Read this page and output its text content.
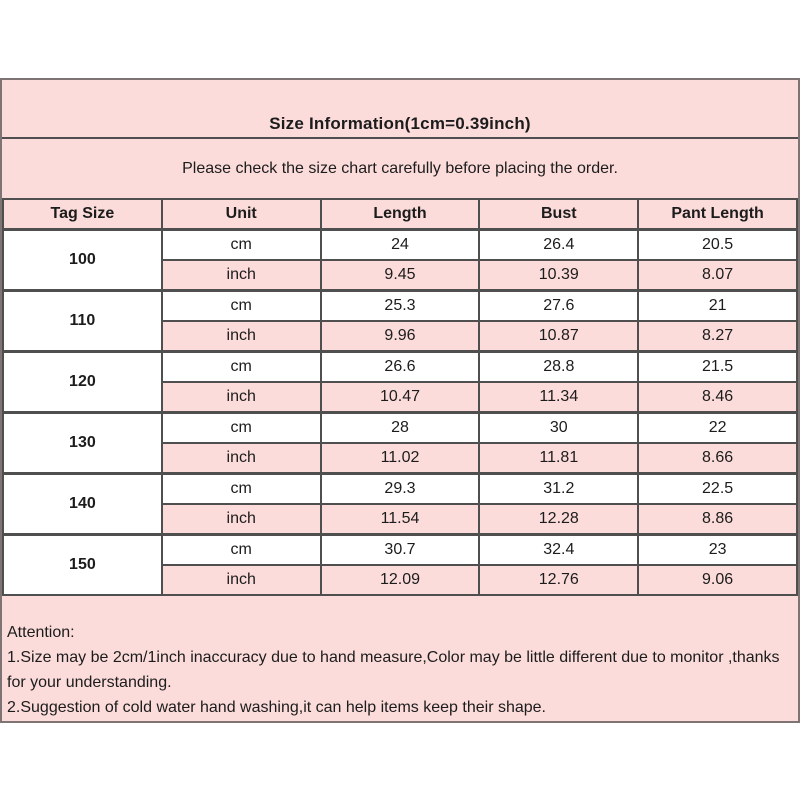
Size Information(1cm=0.39inch)
Please check the size chart carefully before placing the order.
Tag Size	Unit	Length	Bust	Pant Length
100	cm	24	26.4	20.5
	inch	9.45	10.39	8.07
110	cm	25.3	27.6	21
	inch	9.96	10.87	8.27
120	cm	26.6	28.8	21.5
	inch	10.47	11.34	8.46
130	cm	28	30	22
	inch	11.02	11.81	8.66
140	cm	29.3	31.2	22.5
	inch	11.54	12.28	8.86
150	cm	30.7	32.4	23
	inch	12.09	12.76	9.06
Attention:
1.Size may be 2cm/1inch inaccuracy due to hand measure,Color may be little different due to monitor ,thanks for your understanding.
2.Suggestion of cold water hand washing,it can help items keep their shape.
